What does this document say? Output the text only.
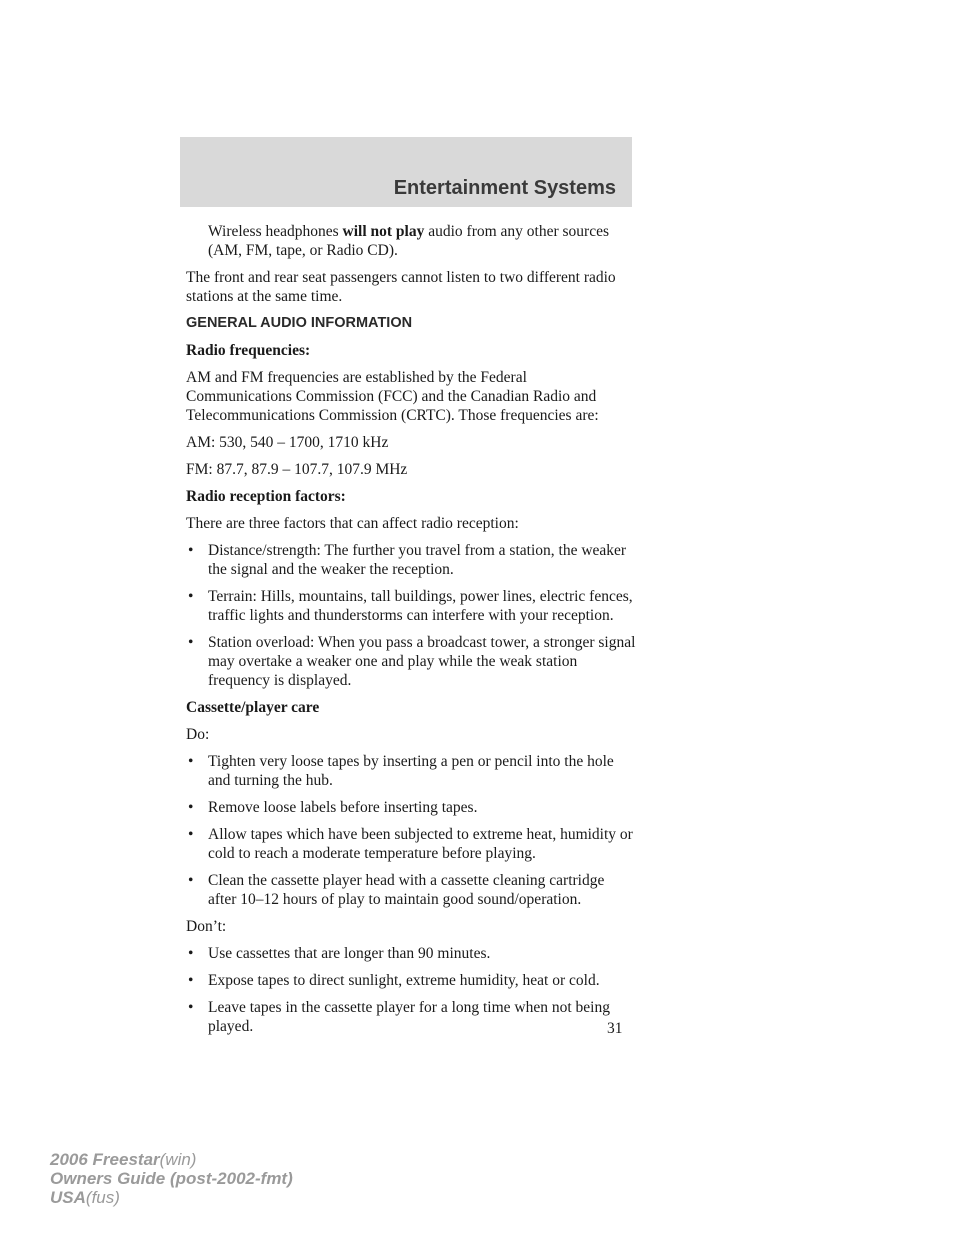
Entertainment Systems

Wireless headphones will not play audio from any other sources (AM, FM, tape, or Radio CD).

The front and rear seat passengers cannot listen to two different radio stations at the same time.

GENERAL AUDIO INFORMATION

Radio frequencies:

AM and FM frequencies are established by the Federal Communications Commission (FCC) and the Canadian Radio and Telecommunications Commission (CRTC). Those frequencies are:

AM: 530, 540 – 1700, 1710 kHz

FM: 87.7, 87.9 – 107.7, 107.9 MHz

Radio reception factors:

There are three factors that can affect radio reception:

• Distance/strength: The further you travel from a station, the weaker the signal and the weaker the reception.
• Terrain: Hills, mountains, tall buildings, power lines, electric fences, traffic lights and thunderstorms can interfere with your reception.
• Station overload: When you pass a broadcast tower, a stronger signal may overtake a weaker one and play while the weak station frequency is displayed.

Cassette/player care

Do:

• Tighten very loose tapes by inserting a pen or pencil into the hole and turning the hub.
• Remove loose labels before inserting tapes.
• Allow tapes which have been subjected to extreme heat, humidity or cold to reach a moderate temperature before playing.
• Clean the cassette player head with a cassette cleaning cartridge after 10–12 hours of play to maintain good sound/operation.

Don’t:

• Use cassettes that are longer than 90 minutes.
• Expose tapes to direct sunlight, extreme humidity, heat or cold.
• Leave tapes in the cassette player for a long time when not being played.	31
2006 Freestar(win)
Owners Guide (post-2002-fmt)
USA(fus)
